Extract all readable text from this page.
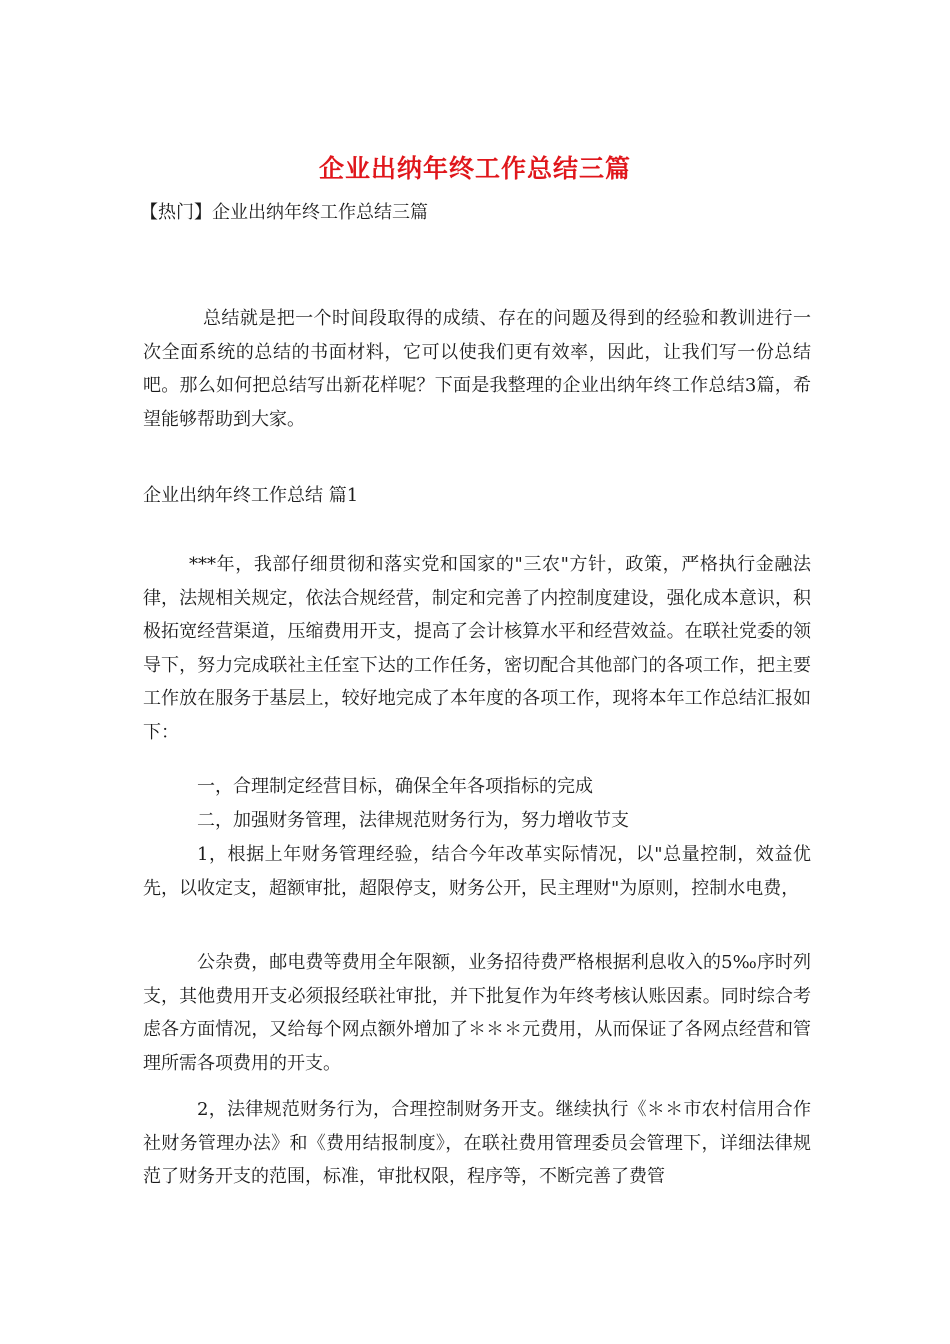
企业出纳年终工作总结三篇

【热门】企业出纳年终工作总结三篇

总结就是把一个时间段取得的成绩、存在的问题及得到的经验和教训进行一次全面系统的总结的书面材料，它可以使我们更有效率，因此，让我们写一份总结吧。那么如何把总结写出新花样呢？下面是我整理的企业出纳年终工作总结3篇，希望能够帮助到大家。

企业出纳年终工作总结 篇1

***年，我部仔细贯彻和落实党和国家的"三农"方针，政策，严格执行金融法律，法规相关规定，依法合规经营，制定和完善了内控制度建设，强化成本意识，积极拓宽经营渠道，压缩费用开支，提高了会计核算水平和经营效益。在联社党委的领导下，努力完成联社主任室下达的工作任务，密切配合其他部门的各项工作，把主要工作放在服务于基层上，较好地完成了本年度的各项工作，现将本年工作总结汇报如下：

一，合理制定经营目标，确保全年各项指标的完成

二，加强财务管理，法律规范财务行为，努力增收节支

1，根据上年财务管理经验，结合今年改革实际情况，以"总量控制，效益优先，以收定支，超额审批，超限停支，财务公开，民主理财"为原则，控制水电费，

公杂费，邮电费等费用全年限额，业务招待费严格根据利息收入的5‰序时列支，其他费用开支必须报经联社审批，并下批复作为年终考核认账因素。同时综合考虑各方面情况，又给每个网点额外增加了＊＊＊元费用，从而保证了各网点经营和管理所需各项费用的开支。

2，法律规范财务行为，合理控制财务开支。继续执行《＊＊市农村信用合作社财务管理办法》和《费用结报制度》，在联社费用管理委员会管理下，详细法律规范了财务开支的范围，标准，审批权限，程序等，不断完善了费管
